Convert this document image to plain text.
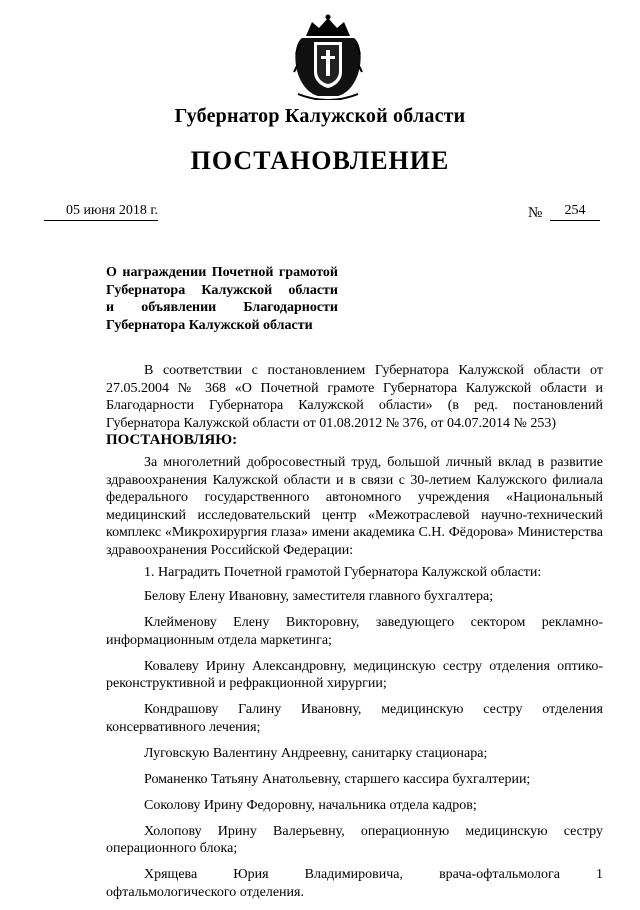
Губернатор Калужской области
ПОСТАНОВЛЕНИЕ
05 июня 2018 г.	№	254
О награждении Почетной грамотой
Губернатора Калужской области
и объявлении Благодарности
Губернатора Калужской области

В соответствии с постановлением Губернатора Калужской области от 27.05.2004 № 368 «О Почетной грамоте Губернатора Калужской области и Благодарности Губернатора Калужской области» (в ред. постановлений Губернатора Калужской области от 01.08.2012 № 376, от 04.07.2014 № 253)

ПОСТАНОВЛЯЮ:

За многолетний добросовестный труд, большой личный вклад в развитие здравоохранения Калужской области и в связи с 30-летием Калужского филиала федерального государственного автономного учреждения «Национальный медицинский исследовательский центр «Межотраслевой научно-технический комплекс «Микрохирургия глаза» имени академика С.Н. Фёдорова» Министерства здравоохранения Российской Федерации:

1. Наградить Почетной грамотой Губернатора Калужской области:

Белову Елену Ивановну, заместителя главного бухгалтера;

Клейменову Елену Викторовну, заведующего сектором рекламно-информационным отдела маркетинга;

Ковалеву Ирину Александровну, медицинскую сестру отделения оптико-реконструктивной и рефракционной хирургии;

Кондрашову Галину Ивановну, медицинскую сестру отделения консервативного лечения;

Луговскую Валентину Андреевну, санитарку стационара;

Романенко Татьяну Анатольевну, старшего кассира бухгалтерии;

Соколову Ирину Федоровну, начальника отдела кадров;

Холопову Ирину Валерьевну, операционную медицинскую сестру операционного блока;

Хрящева Юрия Владимировича, врача-офтальмолога 1 офтальмологического отделения.
